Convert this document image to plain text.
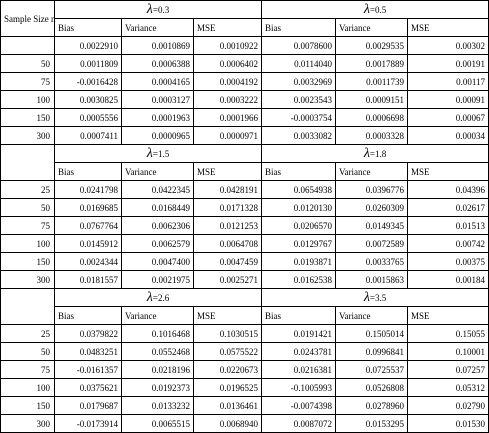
Sample Size n	λ=0.3			λ=0.5		
	Bias	Variance	MSE	Bias	Variance	MSE
	0.0022910	0.0010869	0.0010922	0.0078600	0.0029535	0.00302
50	0.0011809	0.0006388	0.0006402	0.0114040	0.0017889	0.00191
75	-0.0016428	0.0004165	0.0004192	0.0032969	0.0011739	0.00117
100	0.0030825	0.0003127	0.0003222	0.0023543	0.0009151	0.00091
150	0.0005556	0.0001963	0.0001966	-0.0003754	0.0006698	0.00067
300	0.0007411	0.0000965	0.0000971	0.0033082	0.0003328	0.00034
	λ=1.5			λ=1.8		
	Bias	Variance	MSE	Bias	Variance	MSE
25	0.0241798	0.0422345	0.0428191	0.0654938	0.0396776	0.04396
50	0.0169685	0.0168449	0.0171328	0.0120130	0.0260309	0.02617
75	0.0767764	0.0062306	0.0121253	0.0206570	0.0149345	0.01513
100	0.0145912	0.0062579	0.0064708	0.0129767	0.0072589	0.00742
150	0.0024344	0.0047400	0.0047459	0.0193871	0.0033765	0.00375
300	0.0181557	0.0021975	0.0025271	0.0162538	0.0015863	0.00184
	λ=2.6			λ=3.5		
	Bias	Variance	MSE	Bias	Variance	MSE
25	0.0379822	0.1016468	0.1030515	0.0191421	0.1505014	0.15055
50	0.0483251	0.0552468	0.0575522	0.0243781	0.0996841	0.10001
75	-0.0161357	0.0218196	0.0220673	0.0216381	0.0725537	0.07257
100	0.0375621	0.0192373	0.0196525	-0.1005993	0.0526808	0.05312
150	0.0179687	0.0133232	0.0136461	-0.0074398	0.0278960	0.02790
300	-0.0173914	0.0065515	0.0068940	0.0087072	0.0153295	0.01530
